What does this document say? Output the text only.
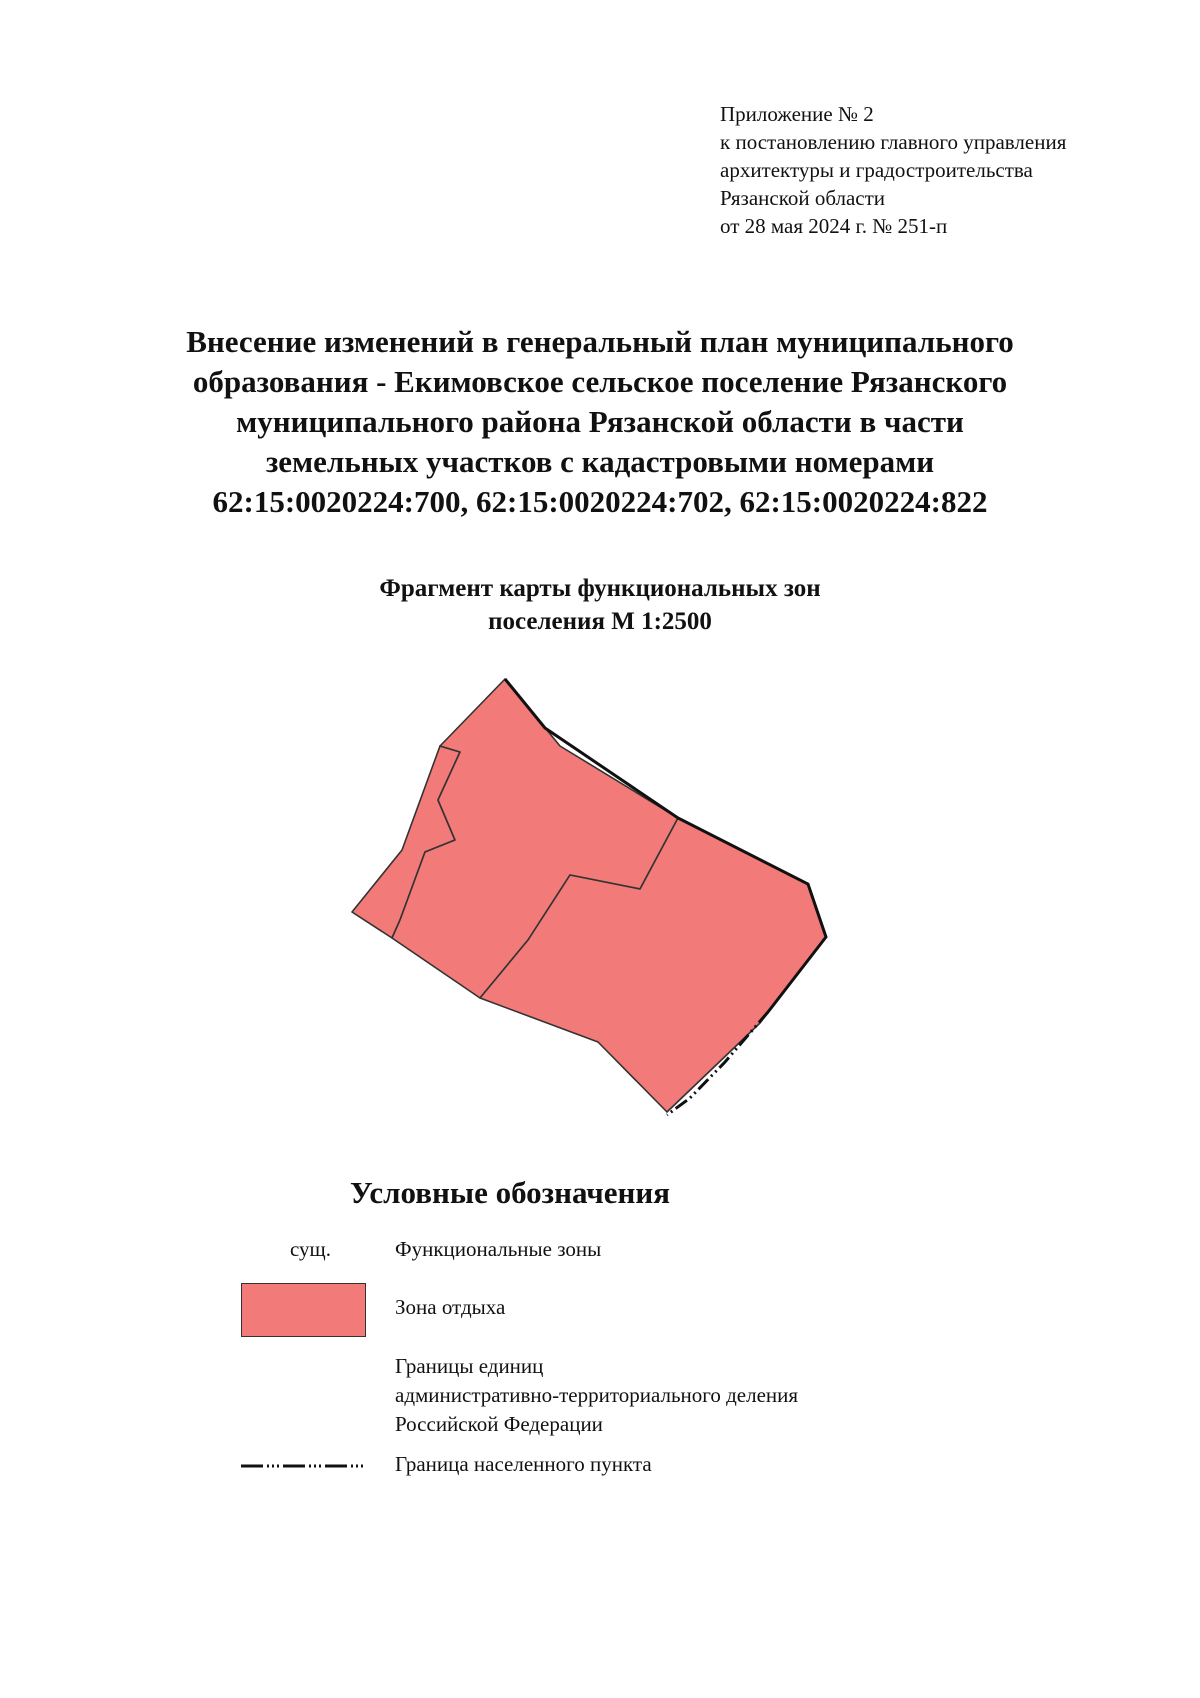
Приложение № 2
к постановлению главного управления
архитектуры и градостроительства
Рязанской области
от 28 мая 2024 г. № 251-п
Внесение изменений в генеральный план муниципального
образования - Екимовское сельское поселение Рязанского
муниципального района Рязанской области в части
земельных участков с кадастровыми номерами
62:15:0020224:700, 62:15:0020224:702, 62:15:0020224:822
Фрагмент карты функциональных зон
поселения М 1:2500
Условные обозначения
сущ.	Функциональные зоны
Зона отдыха
Границы единиц
административно-территориального деления
Российской Федерации
Граница населенного пункта
